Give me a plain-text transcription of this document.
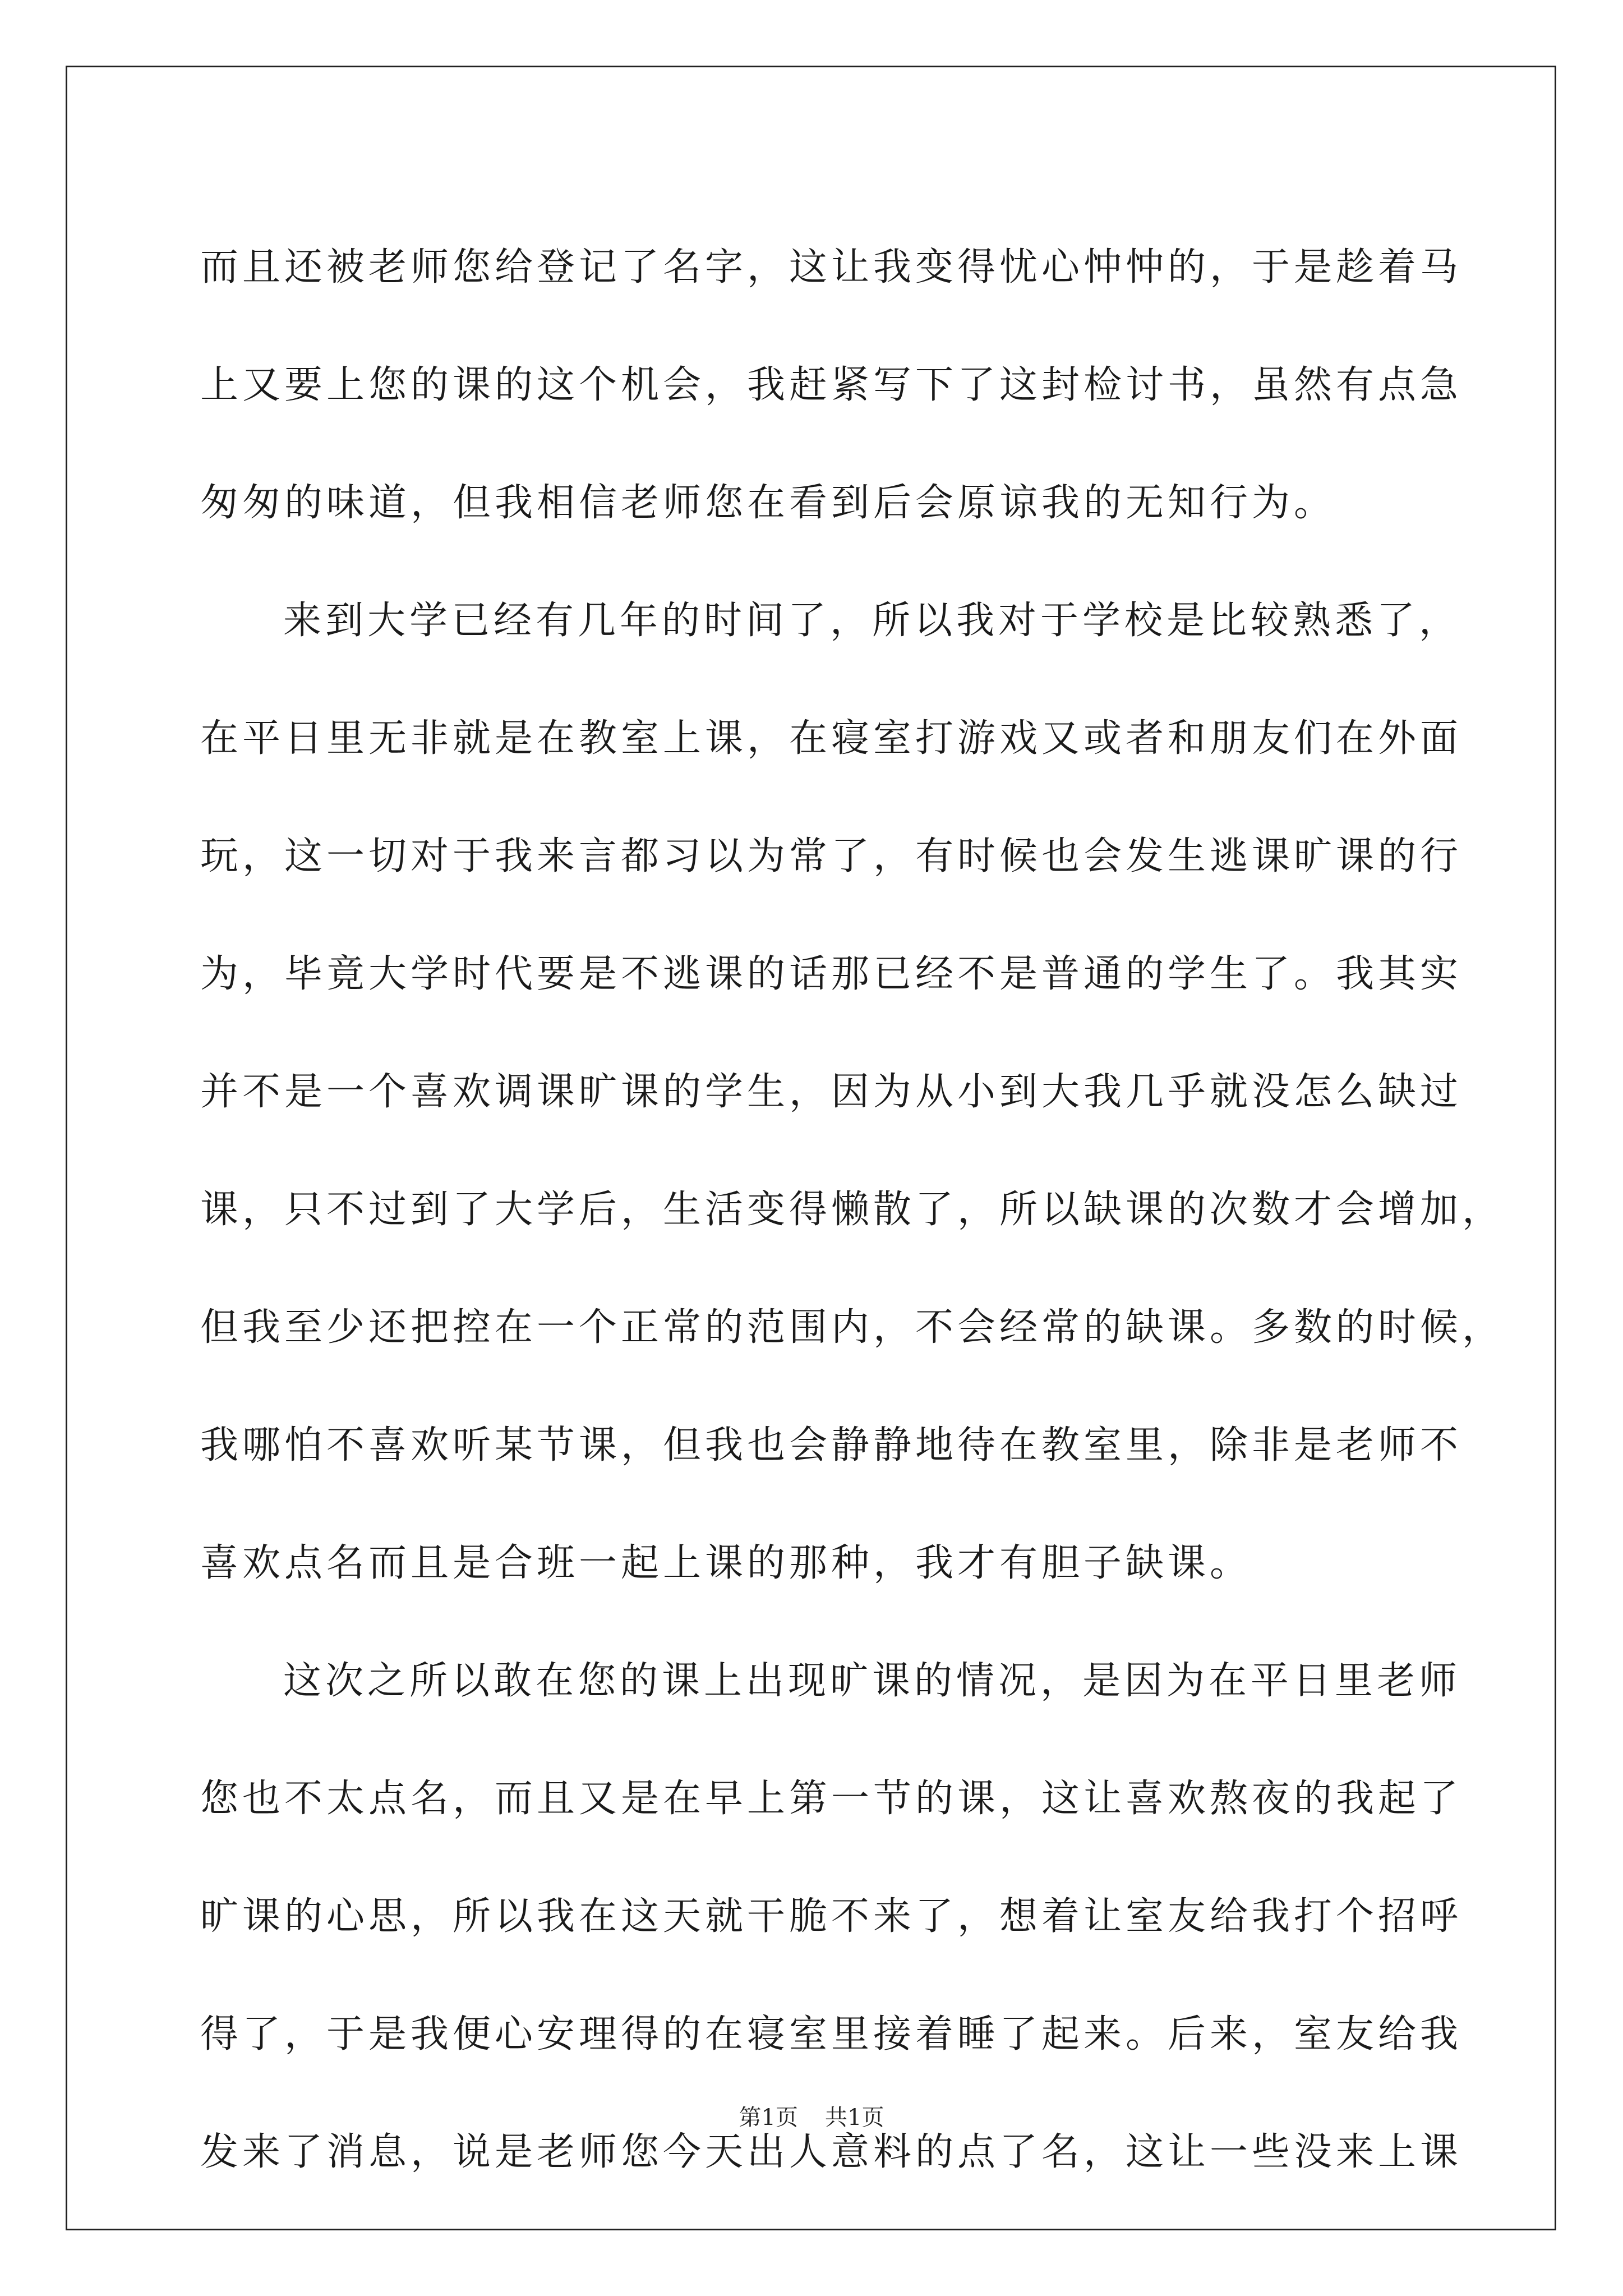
而且还被老师您给登记了名字，这让我变得忧心忡忡的，于是趁着马
上又要上您的课的这个机会，我赶紧写下了这封检讨书，虽然有点急
匆匆的味道，但我相信老师您在看到后会原谅我的无知行为。
来到大学已经有几年的时间了，所以我对于学校是比较熟悉了，
在平日里无非就是在教室上课，在寝室打游戏又或者和朋友们在外面
玩，这一切对于我来言都习以为常了，有时候也会发生逃课旷课的行
为，毕竟大学时代要是不逃课的话那已经不是普通的学生了。我其实
并不是一个喜欢调课旷课的学生，因为从小到大我几乎就没怎么缺过
课，只不过到了大学后，生活变得懒散了，所以缺课的次数才会增加，
但我至少还把控在一个正常的范围内，不会经常的缺课。多数的时候，
我哪怕不喜欢听某节课，但我也会静静地待在教室里，除非是老师不
喜欢点名而且是合班一起上课的那种，我才有胆子缺课。
这次之所以敢在您的课上出现旷课的情况，是因为在平日里老师
您也不太点名，而且又是在早上第一节的课，这让喜欢熬夜的我起了
旷课的心思，所以我在这天就干脆不来了，想着让室友给我打个招呼
得了，于是我便心安理得的在寝室里接着睡了起来。后来，室友给我
发来了消息，说是老师您今天出人意料的点了名，这让一些没来上课
第1页 共1页
